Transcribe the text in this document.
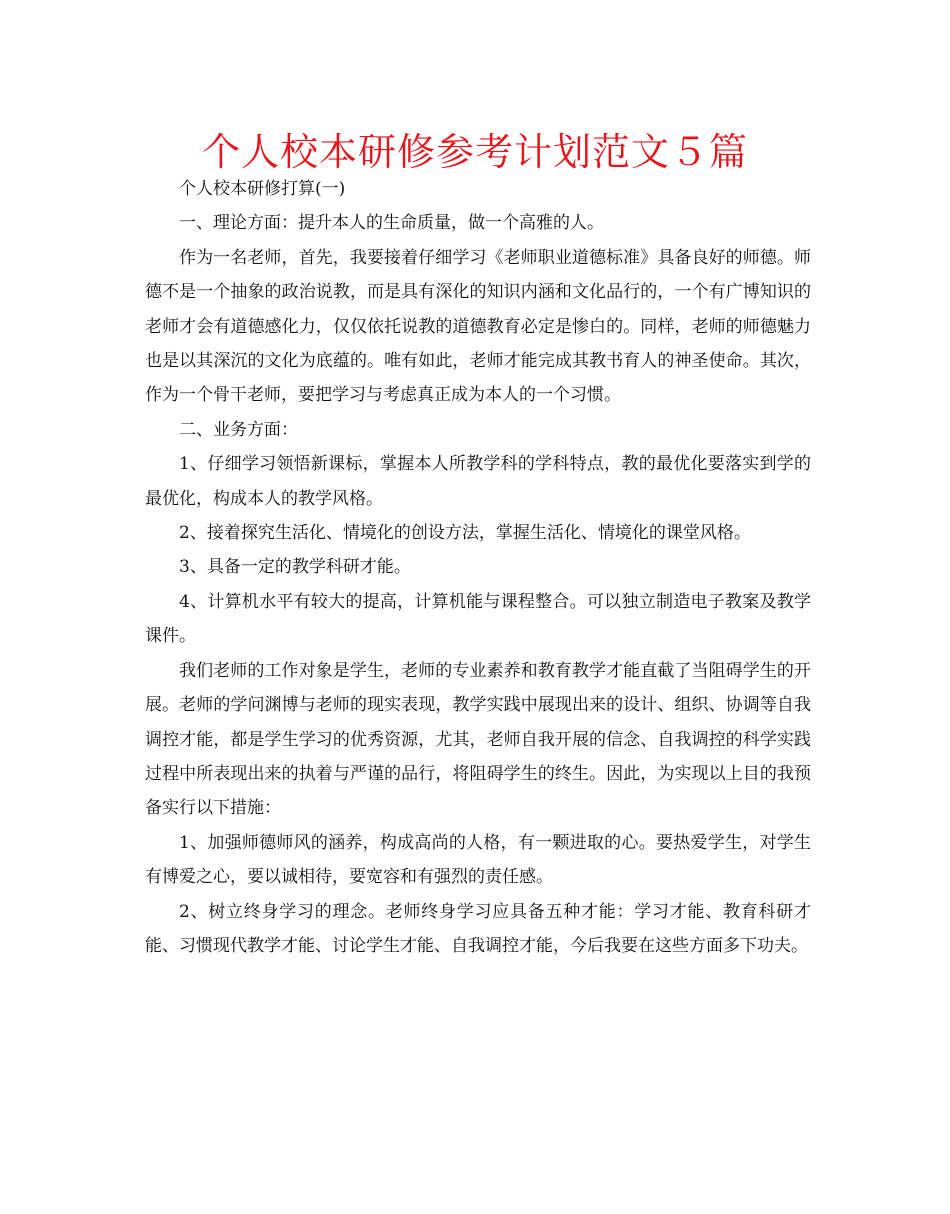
个人校本研修参考计划范文５篇

个人校本研修打算(一)

一、理论方面：提升本人的生命质量，做一个高雅的人。

作为一名老师，首先，我要接着仔细学习《老师职业道德标准》具备良好的师德。师德不是一个抽象的政治说教，而是具有深化的知识内涵和文化品行的，一个有广博知识的老师才会有道德感化力，仅仅依托说教的道德教育必定是惨白的。同样，老师的师德魅力也是以其深沉的文化为底蕴的。唯有如此，老师才能完成其教书育人的神圣使命。其次，作为一个骨干老师，要把学习与考虑真正成为本人的一个习惯。

二、业务方面：

1、仔细学习领悟新课标，掌握本人所教学科的学科特点，教的最优化要落实到学的最优化，构成本人的教学风格。

2、接着探究生活化、情境化的创设方法，掌握生活化、情境化的课堂风格。

3、具备一定的教学科研才能。

4、计算机水平有较大的提高，计算机能与课程整合。可以独立制造电子教案及教学课件。

我们老师的工作对象是学生，老师的专业素养和教育教学才能直截了当阻碍学生的开展。老师的学问渊博与老师的现实表现，教学实践中展现出来的设计、组织、协调等自我调控才能，都是学生学习的优秀资源，尤其，老师自我开展的信念、自我调控的科学实践过程中所表现出来的执着与严谨的品行，将阻碍学生的终生。因此，为实现以上目的我预备实行以下措施：

1、加强师德师风的涵养，构成高尚的人格，有一颗进取的心。要热爱学生，对学生有博爱之心，要以诚相待，要宽容和有强烈的责任感。

2、树立终身学习的理念。老师终身学习应具备五种才能：学习才能、教育科研才能、习惯现代教学才能、讨论学生才能、自我调控才能，今后我要在这些方面多下功夫。
